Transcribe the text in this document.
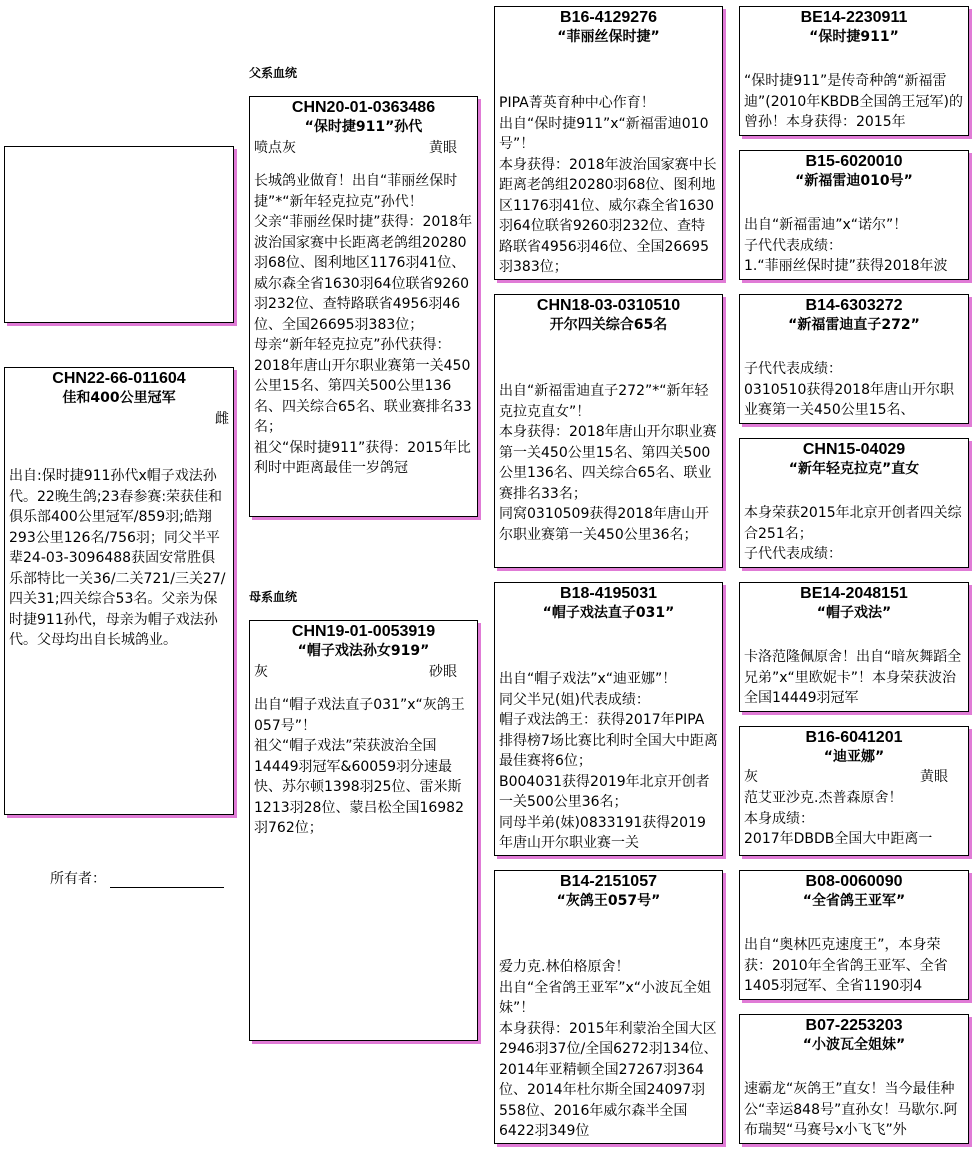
CHN22-66-011604
佳和400公里冠军
雌
出自:保时捷911孙代x帽子戏法孙代。22晚生鸽;23春参赛:荣获佳和俱乐部400公里冠军/859羽;皓翔293公里126名/756羽；同父半平辈24-03-3096488获固安常胜俱乐部特比一关36/二关721/三关27/四关31;四关综合53名。父亲为保时捷911孙代，母亲为帽子戏法孙代。父母均出自长城鸽业。
所有者：
父系血统
母系血统
CHN20-01-0363486
“保时捷911”孙代
喷点灰	黄眼
长城鸽业做育！出自“菲丽丝保时捷”*“新年轻克拉克”孙代！
父亲“菲丽丝保时捷”获得：2018年波治国家赛中长距离老鸽组20280羽68位、图利地区1176羽41位、威尔森全省1630羽64位联省9260羽232位、查特路联省4956羽46位、全国26695羽383位；
母亲“新年轻克拉克”孙代获得：2018年唐山开尔职业赛第一关450公里15名、第四关500公里136名、四关综合65名、联业赛排名33名；
祖父“保时捷911”获得：2015年比利时中距离最佳一岁鸽冠
CHN19-01-0053919
“帽子戏法孙女919”
灰	砂眼
出自“帽子戏法直子031”x“灰鸽王057号”！
祖父“帽子戏法”荣获波治全国14449羽冠军&60059羽分速最快、苏尔顿1398羽25位、雷米斯1213羽28位、蒙吕松全国16982羽762位；
B16-4129276
“菲丽丝保时捷”
PIPA菁英育种中心作育！
出自“保时捷911”x“新福雷迪010号”！
本身获得：2018年波治国家赛中长距离老鸽组20280羽68位、图利地区1176羽41位、威尔森全省1630羽64位联省9260羽232位、查特路联省4956羽46位、全国26695羽383位；
CHN18-03-0310510
开尔四关综合65名
出自“新福雷迪直子272”*“新年轻克拉克直女”！
本身获得：2018年唐山开尔职业赛第一关450公里15名、第四关500公里136名、四关综合65名、联业赛排名33名；
同窝0310509获得2018年唐山开尔职业赛第一关450公里36名；
B18-4195031
“帽子戏法直子031”
出自“帽子戏法”x“迪亚娜”！
同父半兄(姐)代表成绩：
帽子戏法鸽王：获得2017年PIPA排得榜7场比赛比利时全国大中距离最佳赛将6位；
B004031获得2019年北京开创者一关500公里36名；
同母半弟(妹)0833191获得2019年唐山开尔职业赛一关
B14-2151057
“灰鸽王057号”
爱力克.林伯格原舍！
出自“全省鸽王亚军”x“小波瓦全姐妹”！
本身获得：2015年利蒙治全国大区2946羽37位/全国6272羽134位、2014年亚精顿全国27267羽364位、2014年杜尔斯全国24097羽558位、2016年威尔森半全国6422羽349位
BE14-2230911
“保时捷911”
“保时捷911”是传奇种鸽“新福雷迪”(2010年KBDB全国鸽王冠军)的曾孙！本身获得：2015年
B15-6020010
“新福雷迪010号”
出自“新福雷迪”x“诺尔”！
子代代表成绩：
1.“菲丽丝保时捷”获得2018年波
B14-6303272
“新福雷迪直子272”
子代代表成绩：
0310510获得2018年唐山开尔职业赛第一关450公里15名、
CHN15-04029
“新年轻克拉克”直女
本身荣获2015年北京开创者四关综合251名；
子代代表成绩：
BE14-2048151
“帽子戏法”
卡洛范隆佩原舍！出自“暗灰舞蹈全兄弟”x“里欧妮卡”！本身荣获波治全国14449羽冠军
B16-6041201
“迪亚娜”
灰	黄眼
范艾亚沙克.杰普森原舍！
本身成绩：
2017年DBDB全国大中距离一
B08-0060090
“全省鸽王亚军”
出自“奥林匹克速度王”，本身荣获：2010年全省鸽王亚军、全省1405羽冠军、全省1190羽4
B07-2253203
“小波瓦全姐妹”
速霸龙“灰鸽王”直女！当今最佳种公“幸运848号”直孙女！马歇尔.阿布瑞契“马赛号x小飞飞”外
